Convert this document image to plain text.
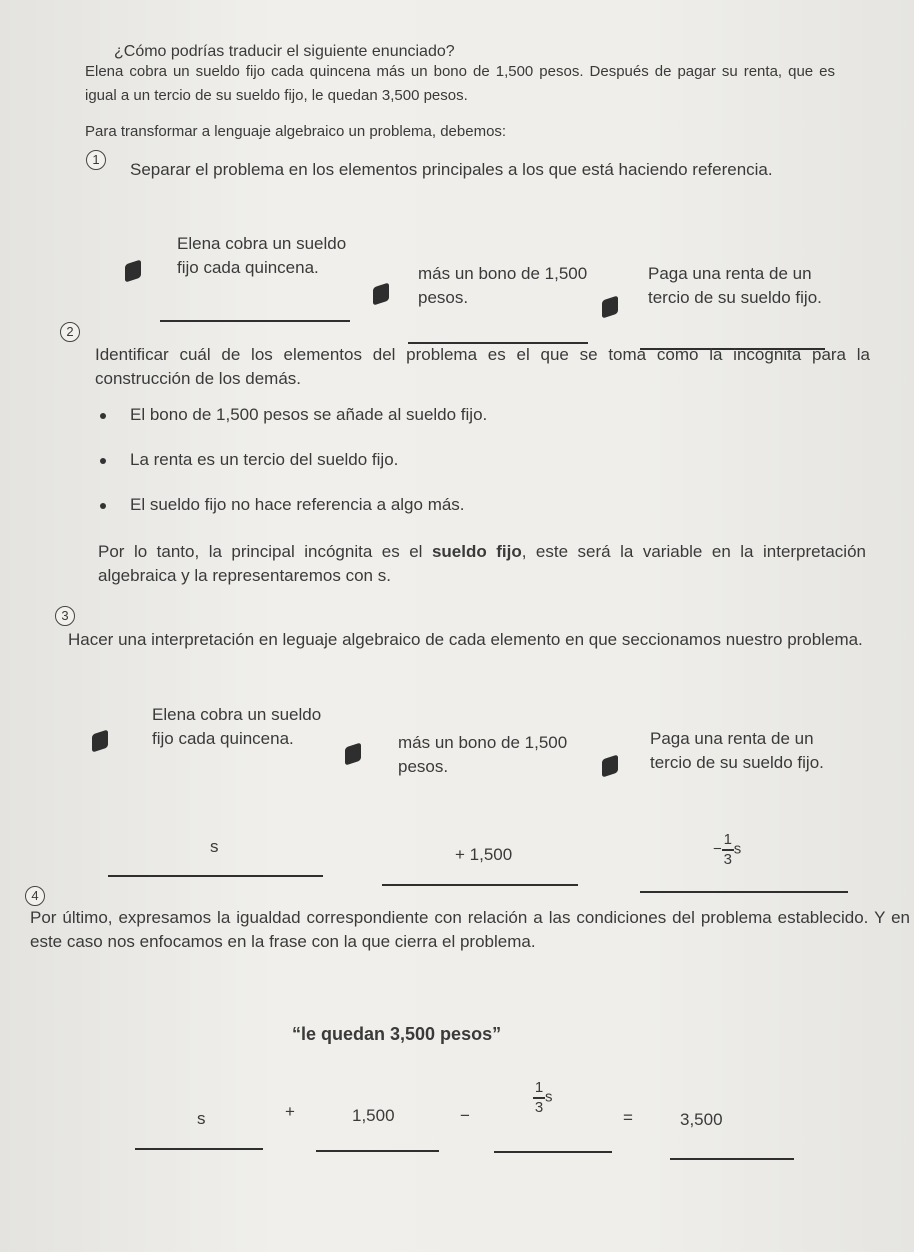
¿Cómo podrías traducir el siguiente enunciado?
Elena cobra un sueldo fijo cada quincena más un bono de 1,500 pesos. Después de pagar su renta, que es igual a un tercio de su sueldo fijo, le quedan 3,500 pesos.
Para transformar a lenguaje algebraico un problema, debemos:
1
Separar el problema en los elementos principales a los que está haciendo referencia.
Elena cobra un sueldo fijo cada quincena.	más un bono de 1,500 pesos.
Paga una renta de un tercio de su sueldo fijo.
2
Identificar cuál de los elementos del problema es el que se toma como la incógnita para la construcción de los demás.
El bono de 1,500 pesos se añade al sueldo fijo.
La renta es un tercio del sueldo fijo.
El sueldo fijo no hace referencia a algo más.
Por lo tanto, la principal incógnita es el sueldo fijo, este será la variable en la interpretación algebraica y la representaremos con s.
3
Hacer una interpretación en leguaje algebraico de cada elemento en que seccionamos nuestro problema.
Elena cobra un sueldo fijo cada quincena.	más un bono de 1,500 pesos.
Paga una renta de un tercio de su sueldo fijo.
s	+ 1,500	$-\frac{1}{3}s$
4
Por último, expresamos la igualdad correspondiente con relación a las condiciones del problema establecido. Y en este caso nos enfocamos en la frase con la que cierra el problema.
“le quedan 3,500 pesos”
s	+	1,500	−	$\frac{1}{3}s$
=	3,500
